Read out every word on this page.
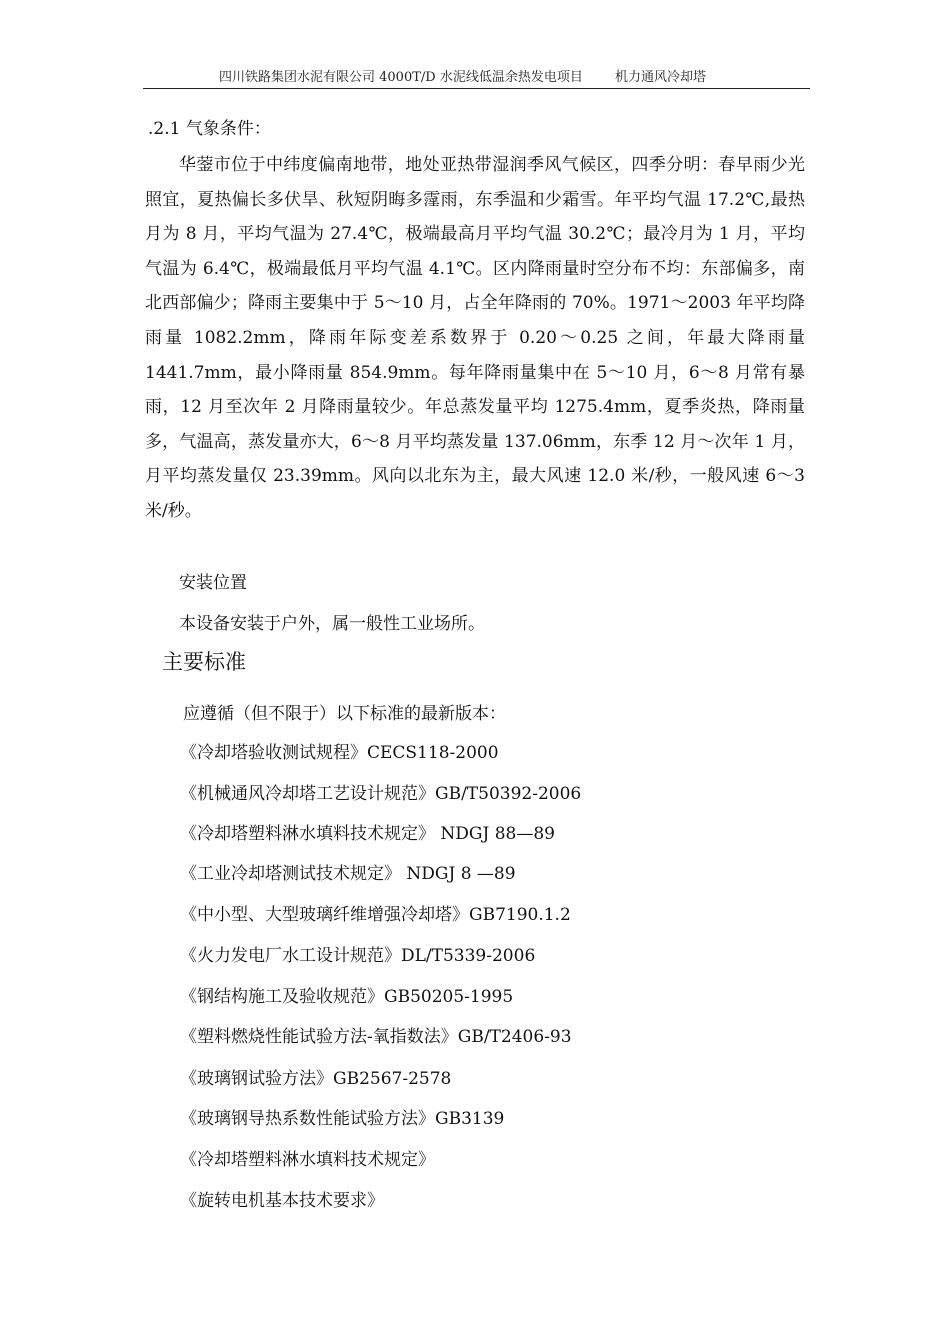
四川铁路集团水泥有限公司 4000T/D 水泥线低温余热发电项目 机力通风冷却塔
.2.1 气象条件：

华蓥市位于中纬度偏南地带，地处亚热带湿润季风气候区，四季分明：春早雨少光照宜，夏热偏长多伏旱、秋短阴晦多霪雨，东季温和少霜雪。年平均气温 17.2℃,最热月为 8 月，平均气温为 27.4℃，极端最高月平均气温 30.2℃；最冷月为 1 月，平均气温为 6.4℃，极端最低月平均气温 4.1℃。区内降雨量时空分布不均：东部偏多，南北西部偏少；降雨主要集中于 5～10 月，占全年降雨的 70%。1971～2003 年平均降雨量 1082.2mm，降雨年际变差系数界于 0.20～0.25 之间，年最大降雨量 1441.7mm，最小降雨量 854.9mm。每年降雨量集中在 5～10 月，6～8 月常有暴雨，12 月至次年 2 月降雨量较少。年总蒸发量平均 1275.4mm，夏季炎热，降雨量多，气温高，蒸发量亦大，6～8 月平均蒸发量 137.06mm，东季 12 月～次年 1 月，月平均蒸发量仅 23.39mm。风向以北东为主，最大风速 12.0 米/秒，一般风速 6～3 米/秒。

安装位置
本设备安装于户外，属一般性工业场所。
主要标准
应遵循（但不限于）以下标准的最新版本：
《冷却塔验收测试规程》CECS118-2000
《机械通风冷却塔工艺设计规范》GB/T50392-2006
《冷却塔塑料淋水填料技术规定》 NDGJ 88—89
《工业冷却塔测试技术规定》 NDGJ 8 —89
《中小型、大型玻璃纤维增强冷却塔》GB7190.1.2
《火力发电厂水工设计规范》DL/T5339-2006
《钢结构施工及验收规范》GB50205-1995
《塑料燃烧性能试验方法-氧指数法》GB/T2406-93
《玻璃钢试验方法》GB2567-2578
《玻璃钢导热系数性能试验方法》GB3139
《冷却塔塑料淋水填料技术规定》
《旋转电机基本技术要求》
